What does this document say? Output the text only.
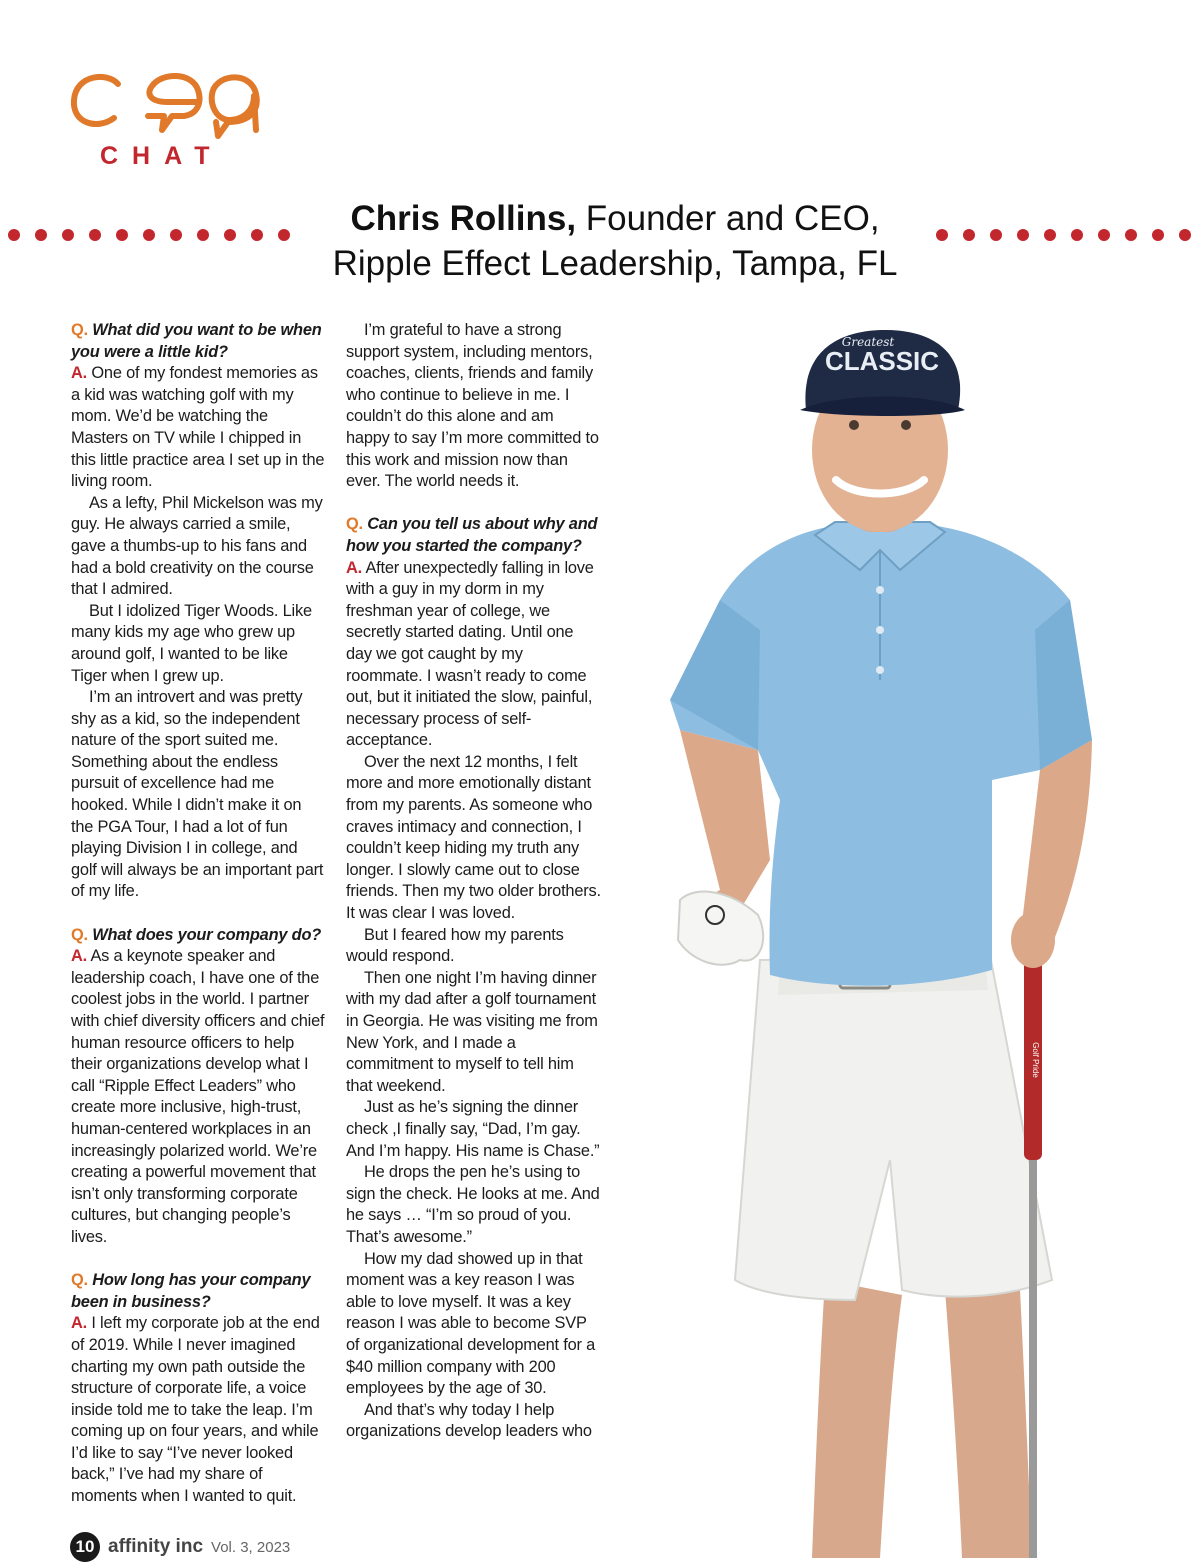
CHAT
Chris Rollins, Founder and CEO,
Ripple Effect Leadership, Tampa, FL

Q. What did you want to be when you were a little kid?

A. One of my fondest memories as a kid was watching golf with my mom. We’d be watching the Masters on TV while I chipped in this little practice area I set up in the living room.

As a lefty, Phil Mickelson was my guy. He always carried a smile, gave a thumbs-up to his fans and had a bold creativity on the course that I admired.

But I idolized Tiger Woods. Like many kids my age who grew up around golf, I wanted to be like Tiger when I grew up.

I’m an introvert and was pretty shy as a kid, so the independent nature of the sport suited me. Something about the endless pursuit of excellence had me hooked. While I didn’t make it on the PGA Tour, I had a lot of fun playing Division I in college, and golf will always be an important part of my life.

Q. What does your company do?

A. As a keynote speaker and leadership coach, I have one of the coolest jobs in the world. I partner with chief diversity officers and chief human resource officers to help their organizations develop what I call “Ripple Effect Leaders” who create more inclusive, high-trust, human-centered workplaces in an increasingly polarized world. We’re creating a powerful movement that isn’t only transforming corporate cultures, but changing people’s lives.

Q. How long has your company been in business?

A. I left my corporate job at the end of 2019. While I never imagined charting my own path outside the structure of corporate life, a voice inside told me to take the leap. I’m coming up on four years, and while I’d like to say “I’ve never looked back,” I’ve had my share of moments when I wanted to quit.

I’m grateful to have a strong support system, including mentors, coaches, clients, friends and family who continue to believe in me. I couldn’t do this alone and am happy to say I’m more committed to this work and mission now than ever. The world needs it.

Q. Can you tell us about why and how you started the company?

A. After unexpectedly falling in love with a guy in my dorm in my freshman year of college, we secretly started dating. Until one day we got caught by my roommate. I wasn’t ready to come out, but it initiated the slow, painful, necessary process of self-acceptance.

Over the next 12 months, I felt more and more emotionally distant from my parents. As someone who craves intimacy and connection, I couldn’t keep hiding my truth any longer. I slowly came out to close friends. Then my two older brothers. It was clear I was loved.

But I feared how my parents would respond.

Then one night I’m having dinner with my dad after a golf tournament in Georgia. He was visiting me from New York, and I made a commitment to myself to tell him that weekend.

Just as he’s signing the dinner check ,I finally say, “Dad, I’m gay. And I’m happy. His name is Chase.”

He drops the pen he’s using to sign the check. He looks at me. And he says … “I’m so proud of you. That’s awesome.”

How my dad showed up in that moment was a key reason I was able to love myself. It was a key reason I was able to become SVP of organizational development for a $40 million company with 200 employees by the age of 30.

And that’s why today I help organizations develop leaders who

CLASSIC
Greatest
Golf Pride
10 affinity inc Vol. 3, 2023
